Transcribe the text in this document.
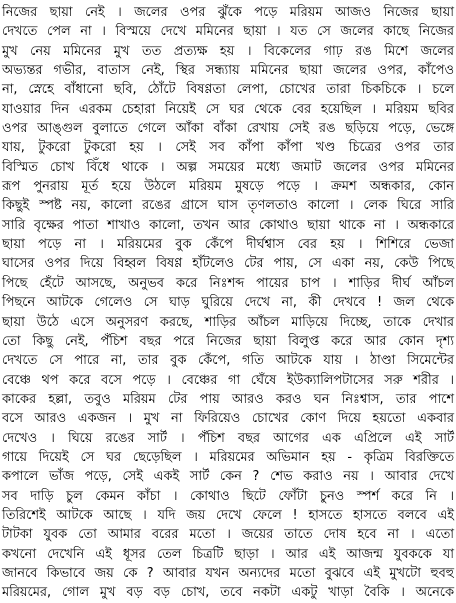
নিজের ছায়া নেই । জলের ওপর ঝুঁকে পড়ে মরিয়ম আজও নিজের ছায়া
দেখতে পেল না । বিস্ময়ে দেখে মমিনের ছায়া । যত সে জলের কাছে নিজের
মুখ নেয় মমিনের মুখ তত প্রত্যক্ষ হয় । বিকেলের গাঢ় রঙ মিশে জলের
অভ্যন্তর গভীর, বাতাস নেই, স্থির সন্ধ্যায় মমিনের ছায়া জলের ওপর, কাঁপেও
না, স্নেহে বাঁধানো ছবি, ঠোঁটে বিষণ্ণতা লেপা, চোখের তারা চিকচিকে । চলে
যাওয়ার দিন এরকম চেহারা নিয়েই সে ঘর থেকে বের হয়েছিল । মরিয়ম ছবির
ওপর আঙ্গুল বুলাতে গেলে আঁকা বাঁকা রেখায় সেই রঙ ছড়িয়ে পড়ে, ভেঙ্গে
যায়, টুকরো টুকরো হয় । সেই সব কাঁপা কাঁপা খণ্ড চিত্রের ওপর তার
বিস্মিত চোখ বিঁধে থাকে । অল্প সময়ের মধ্যে জমাট জলের ওপর মমিনের
রূপ পুনরায় মূর্ত হয়ে উঠলে মরিয়ম মুষড়ে পড়ে । ক্রমশ অন্ধকার, কোন
কিছুই স্পষ্ট নয়, কালো রঙের গ্রাসে ঘাস তৃণলতাও কালো । লেক ঘিরে সারি
সারি বৃক্ষের পাতা শাখাও কালো, তখন আর কোথাও ছায়া থাকে না । অন্ধকারে
ছায়া পড়ে না । মরিয়মের বুক কেঁপে দীর্ঘশ্বাস বের হয় । শিশিরে ভেজা
ঘাসের ওপর দিয়ে বিহ্বল বিষণ্ণ হাঁটলেও টের পায়, সে একা নয়, কেউ পিছে
পিছে হেঁটে আসছে, অনুভব করে নিঃশব্দ পায়ের চাপ । শাড়ির দীর্ঘ আঁচল
পিছনে আটকে গেলেও সে ঘাড় ঘুরিয়ে দেখে না, কী দেখবে ! জল থেকে
ছায়া উঠে এসে অনুসরণ করছে, শাড়ির আঁচল মাড়িয়ে দিচ্ছে, তাকে দেখার
তো কিছু নেই, পঁচিশ বছর পরে নিজের ছায়া বিলুপ্ত করে আর কোন দৃশ্য
দেখতে সে পারে না, তার বুক কেঁপে, গতি আটকে যায় । ঠাণ্ডা সিমেন্টের
বেঞ্চে থপ করে বসে পড়ে । বেঞ্চের গা ঘেঁষে ইউক্যালিপটাসের সরু শরীর ।
কাকের হল্লা, তবুও মরিয়ম টের পায় আরও করও ঘন নিঃশ্বাস, তার পাশে
বসে আরও একজন । মুখ না ফিরিয়েও চোখের কোণ দিয়ে হয়তো একবার
দেখেও । ঘিয়ে রঙের সার্ট । পঁচিশ বছর আগের এক এপ্রিলে এই সার্ট
গায়ে দিয়েই সে ঘর ছেড়েছিল । মরিয়মের অভিমান হয় - কৃত্রিম বিরক্তিতে
কপালে ভাঁজ পড়ে, সেই একই সার্ট কেন ? শেভ করাও নয় । আবার দেখে
সব দাড়ি চুল কেমন কাঁচা । কোথাও ছিটে ফোঁটা চুনও স্পর্শ করে নি ।
তিরিশেই আটকে আছে । যদি জয় দেখে ফেলে ! হাসতে হাসতে বলবে এই
টাটকা যুবক তো আমার বরের মতো । জয়ের তাতে দোষ হবে না । এতো
কখনো দেখেনি এই ধূসর তেল চিত্রটি ছাড়া । আর এই আজন্ম যুবককে যা
জানবে কিভাবে জয় কে ? আবার যখন অন্যদের মতো বুঝবে এই মুখটো হুবহু
মরিয়মের, গোল মুখ বড় বড় চোখ, তবে নকটা একটু খাড়া বৈকি । অনেকে
